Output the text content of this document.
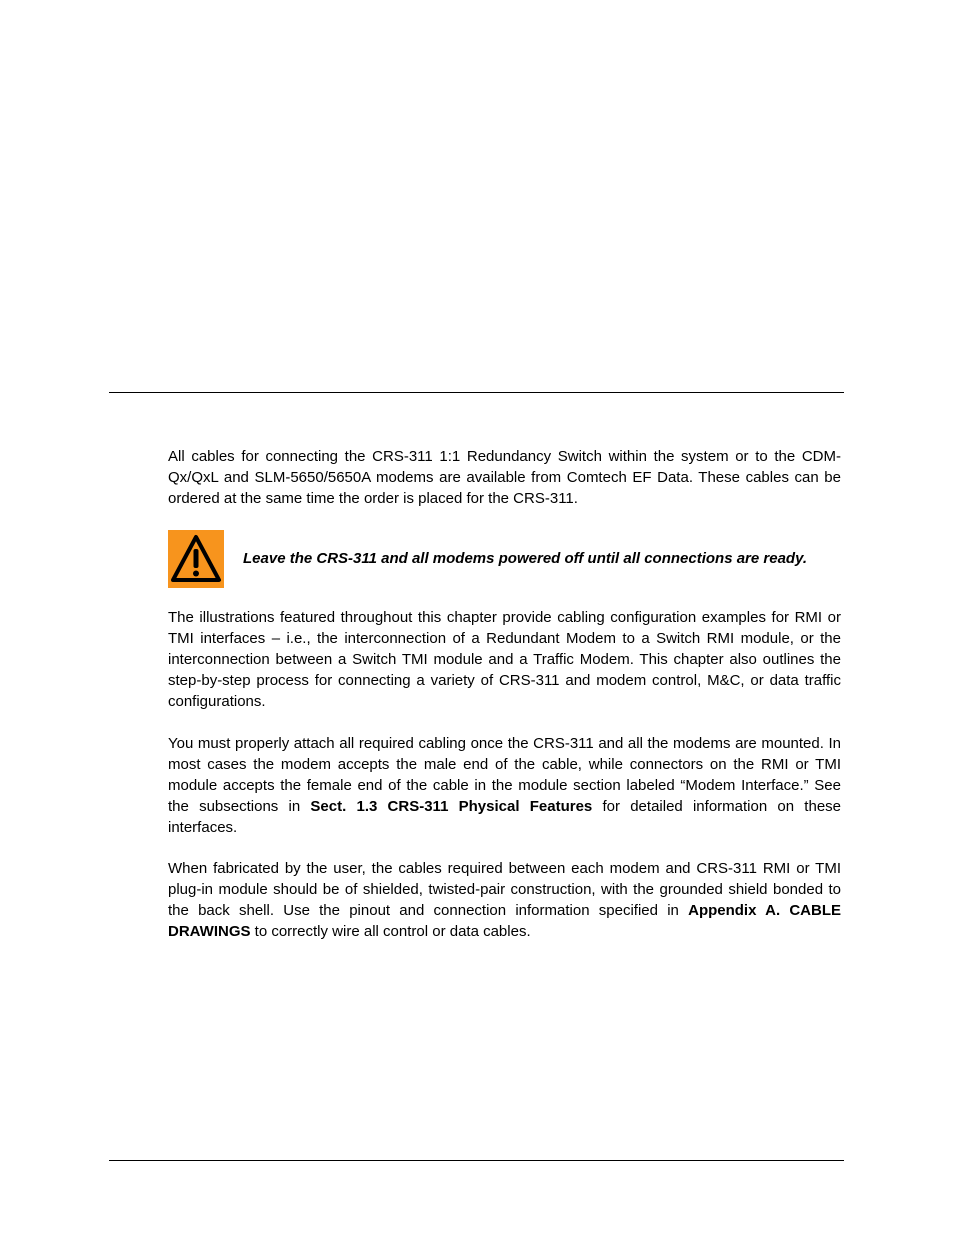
All cables for connecting the CRS-311 1:1 Redundancy Switch within the system or to the CDM-Qx/QxL and SLM-5650/5650A modems are available from Comtech EF Data. These cables can be ordered at the same time the order is placed for the CRS-311.

Leave the CRS-311 and all modems powered off until all connections are ready.

The illustrations featured throughout this chapter provide cabling configuration examples for RMI or TMI interfaces – i.e., the interconnection of a Redundant Modem to a Switch RMI module, or the interconnection between a Switch TMI module and a Traffic Modem. This chapter also outlines the step-by-step process for connecting a variety of CRS-311 and modem control, M&C, or data traffic configurations.

You must properly attach all required cabling once the CRS-311 and all the modems are mounted. In most cases the modem accepts the male end of the cable, while connectors on the RMI or TMI module accepts the female end of the cable in the module section labeled “Modem Interface.” See the subsections in Sect. 1.3 CRS-311 Physical Features for detailed information on these interfaces.

When fabricated by the user, the cables required between each modem and CRS-311 RMI or TMI plug-in module should be of shielded, twisted-pair construction, with the grounded shield bonded to the back shell. Use the pinout and connection information specified in Appendix A. CABLE DRAWINGS to correctly wire all control or data cables.
